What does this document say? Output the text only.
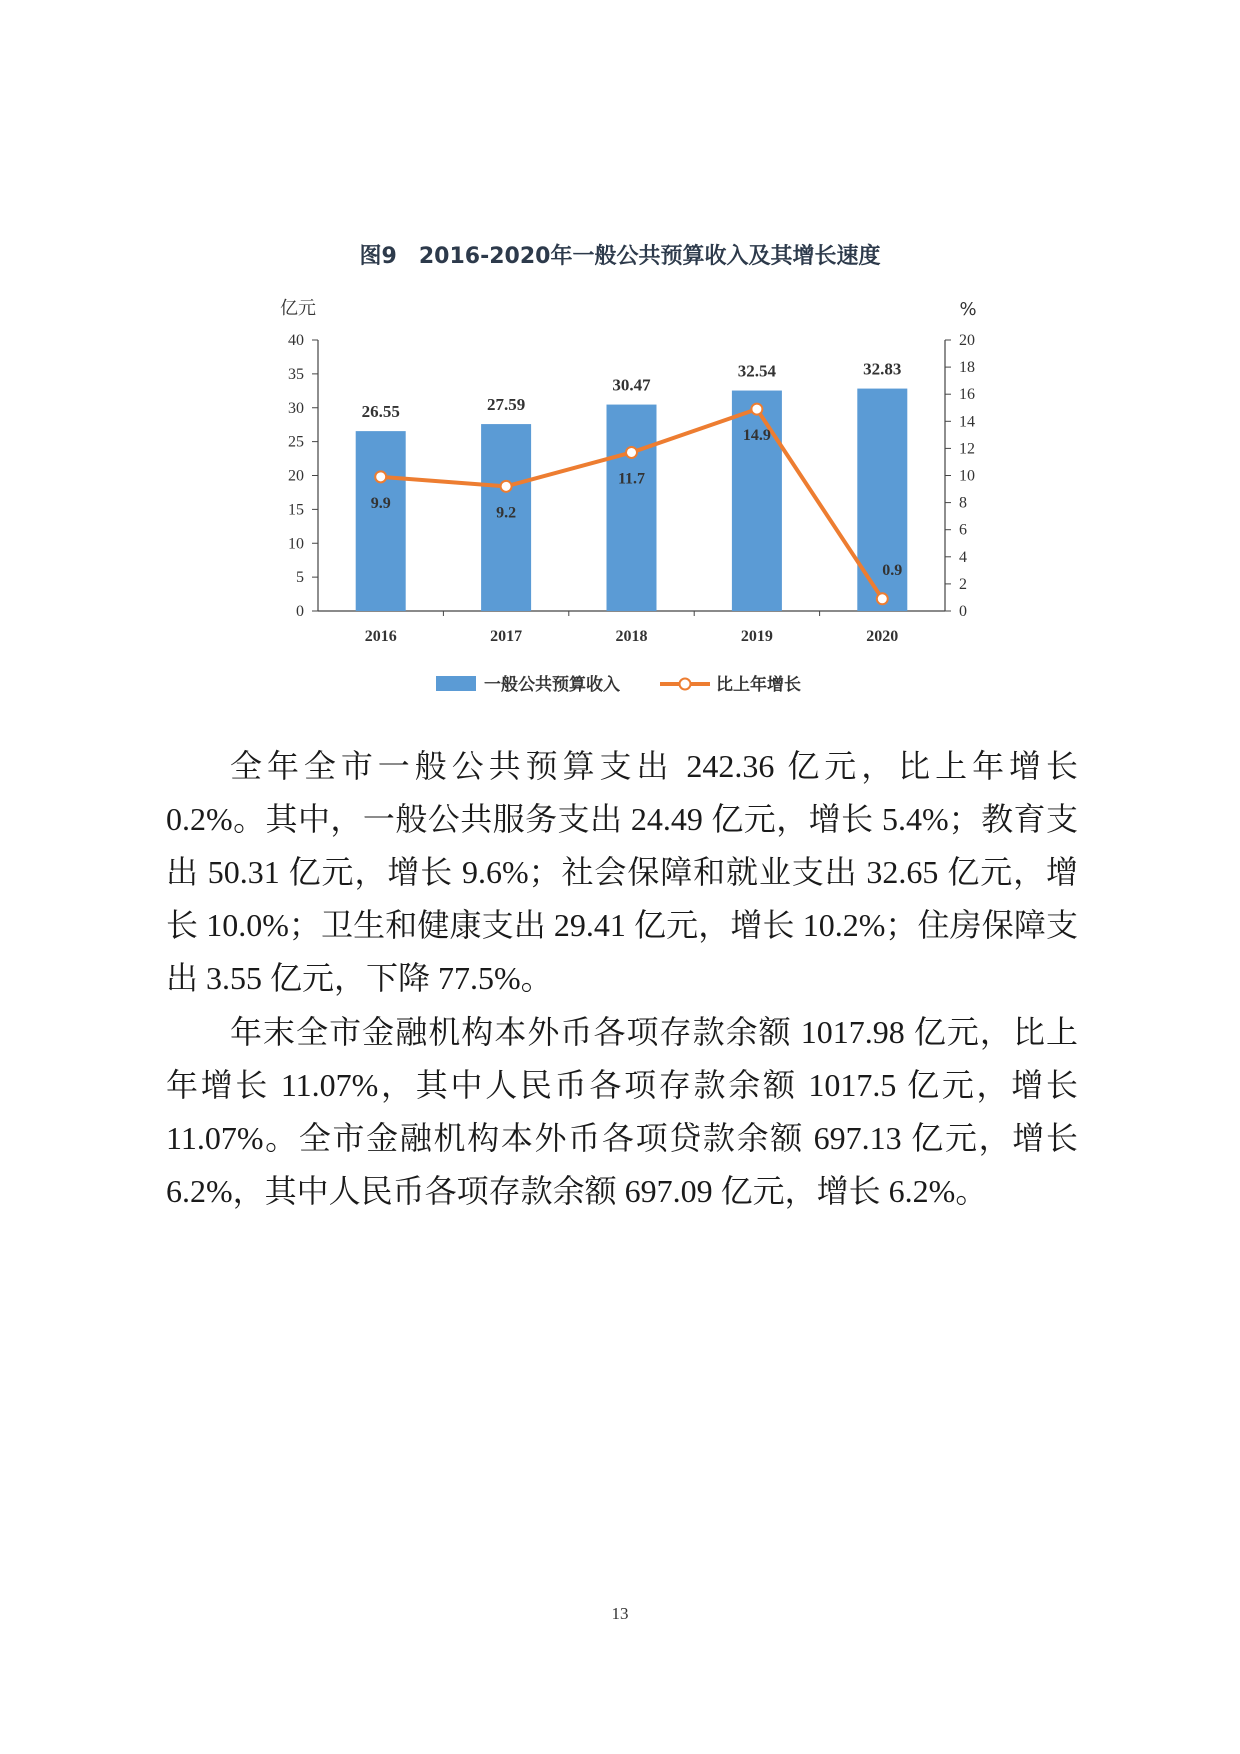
图9　2016-2020年一般公共预算收入及其增长速度
亿元	%
0
5
10
15
20
25
30
35
40
0
2
4
6
8
10
12
14
16
18
20
2016	2017	2018	2019	2020
26.55	27.59
30.47
32.54	32.83
9.9
9.2
11.7
14.9
0.9
一般公共预算收入	比上年增长

全年全市一般公共预算支出 242.36 亿元，比上年增长 0.2%。其中，一般公共服务支出 24.49 亿元，增长 5.4%；教育支出 50.31 亿元，增长 9.6%；社会保障和就业支出 32.65 亿元，增长 10.0%；卫生和健康支出 29.41 亿元，增长 10.2%；住房保障支出 3.55 亿元，下降 77.5%。

年末全市金融机构本外币各项存款余额 1017.98 亿元，比上年增长 11.07%，其中人民币各项存款余额 1017.5 亿元，增长 11.07%。全市金融机构本外币各项贷款余额 697.13 亿元，增长 6.2%，其中人民币各项存款余额 697.09 亿元，增长 6.2%。

13
